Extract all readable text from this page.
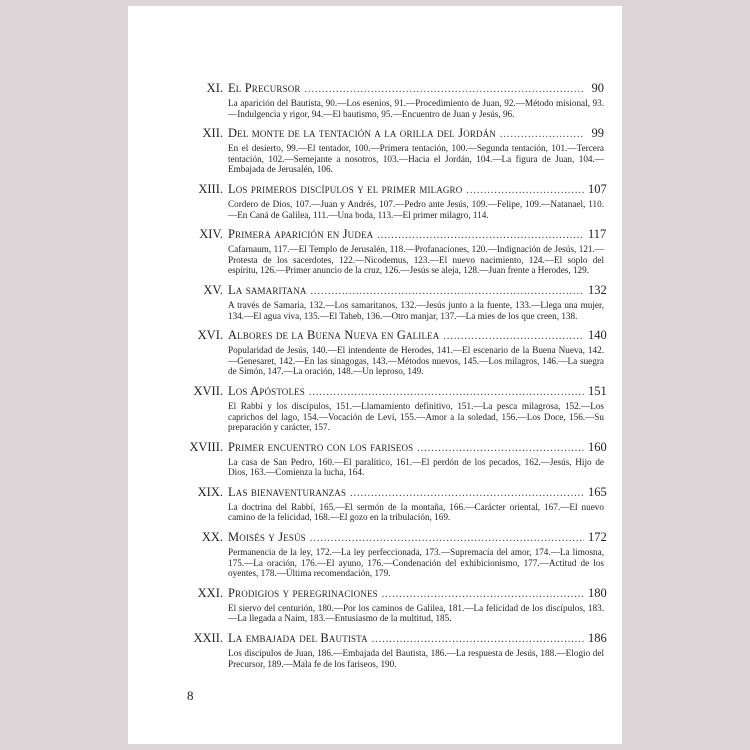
XI. El Precursor .....	90
La aparición del Bautista, 90.—Los esenios, 91.—Procedimiento de Juan, 92.—Método misional, 93.—Indulgencia y rigor, 94.—El bautismo, 95.—Encuentro de Juan y Jesús, 96.
XII. Del monte de la tentación a la orilla del Jordán .....	99
En el desierto, 99.—El tentador, 100.—Primera tentación, 100.—Segunda tentación, 101.—Tercera tentación, 102.—Semejante a nosotros, 103.—Hacia el Jordán, 104.—La figura de Juan, 104.—Embajada de Jerusalén, 106.
XIII. Los primeros discípulos y el primer milagro .....	107
Cordero de Dios, 107.—Juan y Andrés, 107.—Pedro ante Jesús, 109.—Felipe, 109.—Natanael, 110.—En Caná de Galilea, 111.—Una boda, 113.—El primer milagro, 114.
XIV. Primera aparición en Judea .....	117
Cafarnaum, 117.—El Templo de Jerusalén, 118.—Profanaciones, 120.—Indignación de Jesús, 121.—Protesta de los sacerdotes, 122.—Nicodemus, 123.—El nuevo nacimiento, 124.—El soplo del espíritu, 126.—Primer anuncio de la cruz, 126.—Jesús se aleja, 128.—Juan frente a Herodes, 129.
XV. La samaritana .....	132
A través de Samaria, 132.—Los samaritanos, 132.—Jesús junto a la fuente, 133.—Llega una mujer, 134.—El agua viva, 135.—El Taheb, 136.—Otro manjar, 137.—La mies de los que creen, 138.
XVI. Albores de la Buena Nueva en Galilea .....	140
Popularidad de Jesús, 140.—El intendente de Herodes, 141.—El escenario de la Buena Nueva, 142.—Genesaret, 142.—En las sinagogas, 143.—Métodos nuevos, 145.—Los milagros, 146.—La suegra de Simón, 147.—La oración, 148.—Un leproso, 149.
XVII. Los Apóstoles .....	151
El Rabbí y los discípulos, 151.—Llamamiento definitivo, 151.—La pesca milagrosa, 152.—Los caprichos del lago, 154.—Vocación de Leví, 155.—Amor a la soledad, 156.—Los Doce, 156.—Su preparación y carácter, 157.
XVIII. Primer encuentro con los fariseos .....	160
La casa de San Pedro, 160.—El paralítico, 161.—El perdón de los pecados, 162.—Jesús, Hijo de Dios, 163.—Comienza la lucha, 164.
XIX. Las bienaventuranzas .....	165
La doctrina del Rabbí, 165.—El sermón de la montaña, 166.—Carácter oriental, 167.—El nuevo camino de la felicidad, 168.—El gozo en la tribulación, 169.
XX. Moisés y Jesús .....	172
Permanencia de la ley, 172.—La ley perfeccionada, 173.—Supremacía del amor, 174.—La limosna, 175.—La oración, 176.—El ayuno, 176.—Condenación del exhibicionismo, 177.—Actitud de los oyentes, 178.—Última recomendación, 179.
XXI. Prodigios y peregrinaciones .....	180
El siervo del centurión, 180.—Por los caminos de Galilea, 181.—La felicidad de los discípulos, 183.—La llegada a Naím, 183.—Entusiasmo de la multitud, 185.
XXII. La embajada del Bautista .....	186
Los discípulos de Juan, 186.—Embajada del Bautista, 186.—La respuesta de Jesús, 188.—Elogio del Precursor, 189.—Mala fe de los fariseos, 190.
8
